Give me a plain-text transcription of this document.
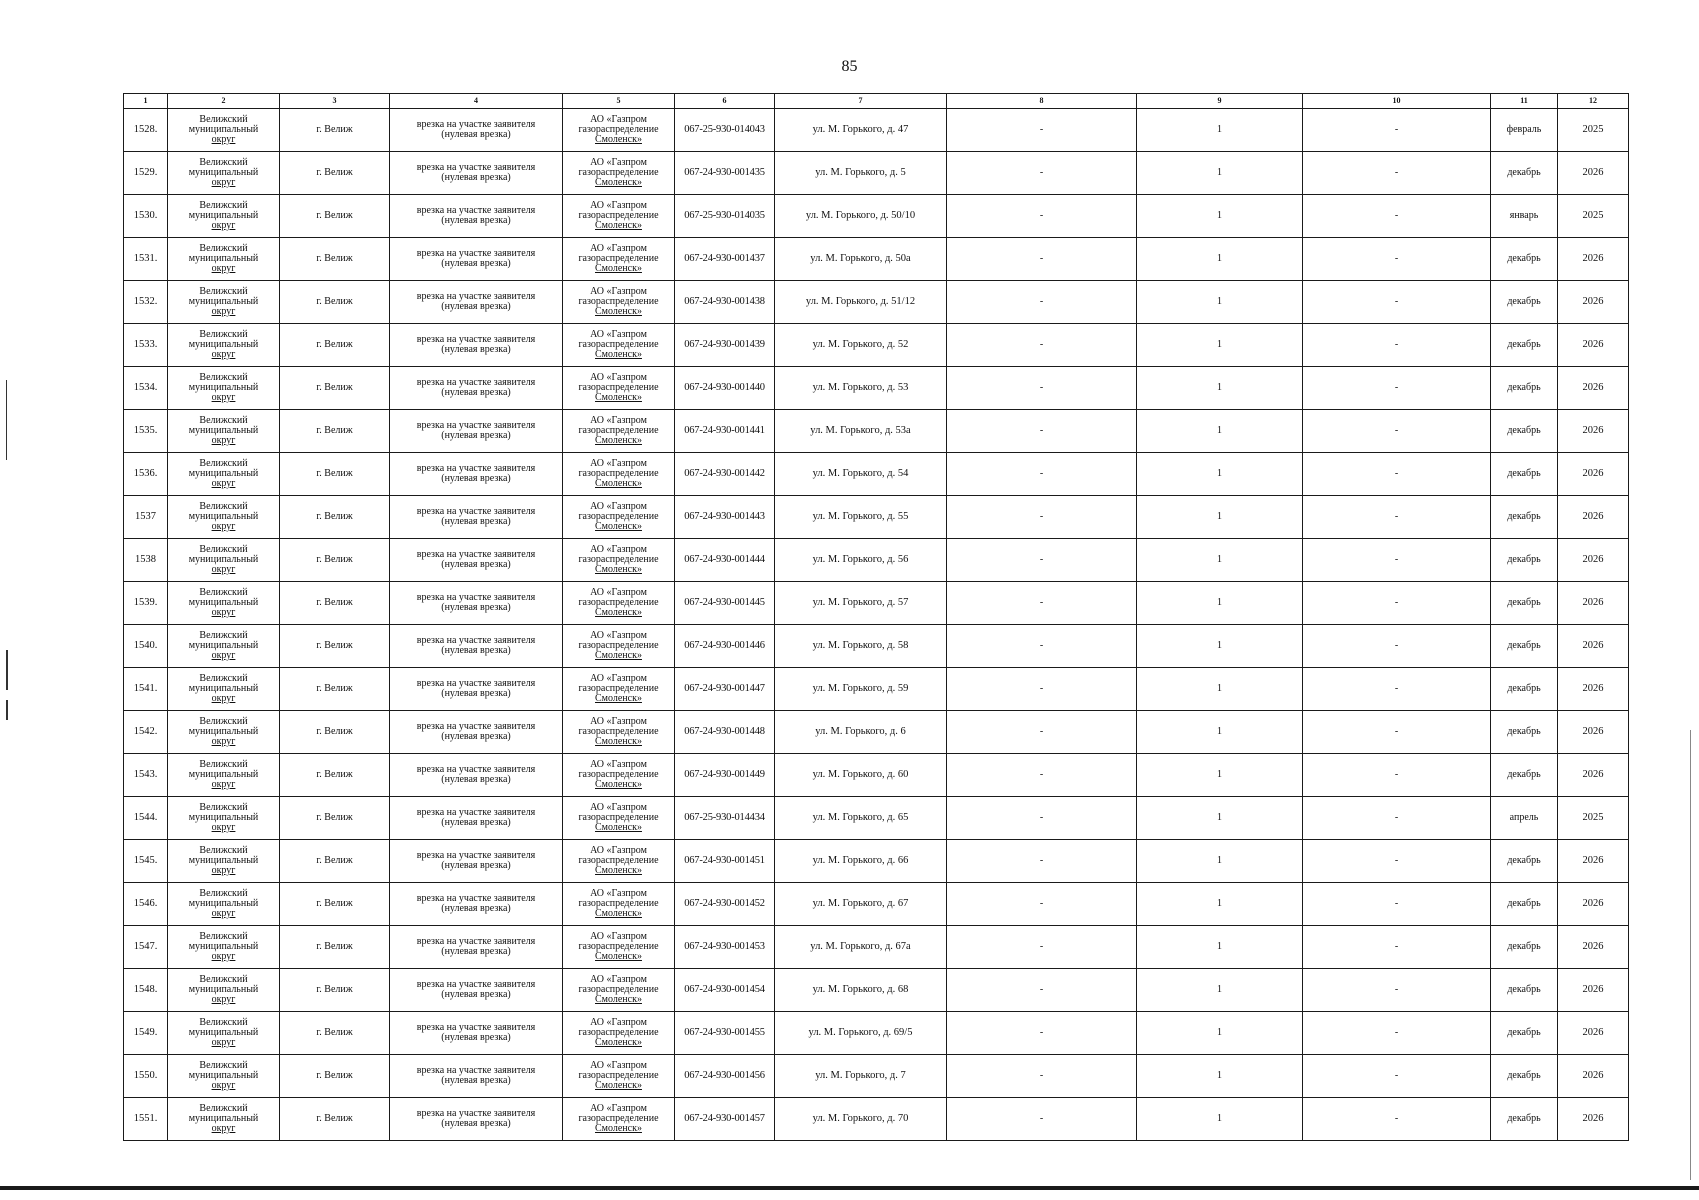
85
1	2	3	4	5	6	7	8	9	10	11	12
1528.	Велижский
муниципальный
округ	г. Велиж	врезка на участке заявителя
(нулевая врезка)	АО «Газпром
газораспределение
Смоленск»	067-25-930-014043	ул. М. Горького, д. 47	-	1	-	февраль	2025
1529.	Велижский
муниципальный
округ	г. Велиж	врезка на участке заявителя
(нулевая врезка)	АО «Газпром
газораспределение
Смоленск»	067-24-930-001435	ул. М. Горького, д. 5	-	1	-	декабрь	2026
1530.	Велижский
муниципальный
округ	г. Велиж	врезка на участке заявителя
(нулевая врезка)	АО «Газпром
газораспределение
Смоленск»	067-25-930-014035	ул. М. Горького, д. 50/10	-	1	-	январь	2025
1531.	Велижский
муниципальный
округ	г. Велиж	врезка на участке заявителя
(нулевая врезка)	АО «Газпром
газораспределение
Смоленск»	067-24-930-001437	ул. М. Горького, д. 50а	-	1	-	декабрь	2026
1532.	Велижский
муниципальный
округ	г. Велиж	врезка на участке заявителя
(нулевая врезка)	АО «Газпром
газораспределение
Смоленск»	067-24-930-001438	ул. М. Горького, д. 51/12	-	1	-	декабрь	2026
1533.	Велижский
муниципальный
округ	г. Велиж	врезка на участке заявителя
(нулевая врезка)	АО «Газпром
газораспределение
Смоленск»	067-24-930-001439	ул. М. Горького, д. 52	-	1	-	декабрь	2026
1534.	Велижский
муниципальный
округ	г. Велиж	врезка на участке заявителя
(нулевая врезка)	АО «Газпром
газораспределение
Смоленск»	067-24-930-001440	ул. М. Горького, д. 53	-	1	-	декабрь	2026
1535.	Велижский
муниципальный
округ	г. Велиж	врезка на участке заявителя
(нулевая врезка)	АО «Газпром
газораспределение
Смоленск»	067-24-930-001441	ул. М. Горького, д. 53а	-	1	-	декабрь	2026
1536.	Велижский
муниципальный
округ	г. Велиж	врезка на участке заявителя
(нулевая врезка)	АО «Газпром
газораспределение
Смоленск»	067-24-930-001442	ул. М. Горького, д. 54	-	1	-	декабрь	2026
1537	Велижский
муниципальный
округ	г. Велиж	врезка на участке заявителя
(нулевая врезка)	АО «Газпром
газораспределение
Смоленск»	067-24-930-001443	ул. М. Горького, д. 55	-	1	-	декабрь	2026
1538	Велижский
муниципальный
округ	г. Велиж	врезка на участке заявителя
(нулевая врезка)	АО «Газпром
газораспределение
Смоленск»	067-24-930-001444	ул. М. Горького, д. 56	-	1	-	декабрь	2026
1539.	Велижский
муниципальный
округ	г. Велиж	врезка на участке заявителя
(нулевая врезка)	АО «Газпром
газораспределение
Смоленск»	067-24-930-001445	ул. М. Горького, д. 57	-	1	-	декабрь	2026
1540.	Велижский
муниципальный
округ	г. Велиж	врезка на участке заявителя
(нулевая врезка)	АО «Газпром
газораспределение
Смоленск»	067-24-930-001446	ул. М. Горького, д. 58	-	1	-	декабрь	2026
1541.	Велижский
муниципальный
округ	г. Велиж	врезка на участке заявителя
(нулевая врезка)	АО «Газпром
газораспределение
Смоленск»	067-24-930-001447	ул. М. Горького, д. 59	-	1	-	декабрь	2026
1542.	Велижский
муниципальный
округ	г. Велиж	врезка на участке заявителя
(нулевая врезка)	АО «Газпром
газораспределение
Смоленск»	067-24-930-001448	ул. М. Горького, д. 6	-	1	-	декабрь	2026
1543.	Велижский
муниципальный
округ	г. Велиж	врезка на участке заявителя
(нулевая врезка)	АО «Газпром
газораспределение
Смоленск»	067-24-930-001449	ул. М. Горького, д. 60	-	1	-	декабрь	2026
1544.	Велижский
муниципальный
округ	г. Велиж	врезка на участке заявителя
(нулевая врезка)	АО «Газпром
газораспределение
Смоленск»	067-25-930-014434	ул. М. Горького, д. 65	-	1	-	апрель	2025
1545.	Велижский
муниципальный
округ	г. Велиж	врезка на участке заявителя
(нулевая врезка)	АО «Газпром
газораспределение
Смоленск»	067-24-930-001451	ул. М. Горького, д. 66	-	1	-	декабрь	2026
1546.	Велижский
муниципальный
округ	г. Велиж	врезка на участке заявителя
(нулевая врезка)	АО «Газпром
газораспределение
Смоленск»	067-24-930-001452	ул. М. Горького, д. 67	-	1	-	декабрь	2026
1547.	Велижский
муниципальный
округ	г. Велиж	врезка на участке заявителя
(нулевая врезка)	АО «Газпром
газораспределение
Смоленск»	067-24-930-001453	ул. М. Горького, д. 67а	-	1	-	декабрь	2026
1548.	Велижский
муниципальный
округ	г. Велиж	врезка на участке заявителя
(нулевая врезка)	АО «Газпром
газораспределение
Смоленск»	067-24-930-001454	ул. М. Горького, д. 68	-	1	-	декабрь	2026
1549.	Велижский
муниципальный
округ	г. Велиж	врезка на участке заявителя
(нулевая врезка)	АО «Газпром
газораспределение
Смоленск»	067-24-930-001455	ул. М. Горького, д. 69/5	-	1	-	декабрь	2026
1550.	Велижский
муниципальный
округ	г. Велиж	врезка на участке заявителя
(нулевая врезка)	АО «Газпром
газораспределение
Смоленск»	067-24-930-001456	ул. М. Горького, д. 7	-	1	-	декабрь	2026
1551.	Велижский
муниципальный
округ	г. Велиж	врезка на участке заявителя
(нулевая врезка)	АО «Газпром
газораспределение
Смоленск»	067-24-930-001457	ул. М. Горького, д. 70	-	1	-	декабрь	2026
